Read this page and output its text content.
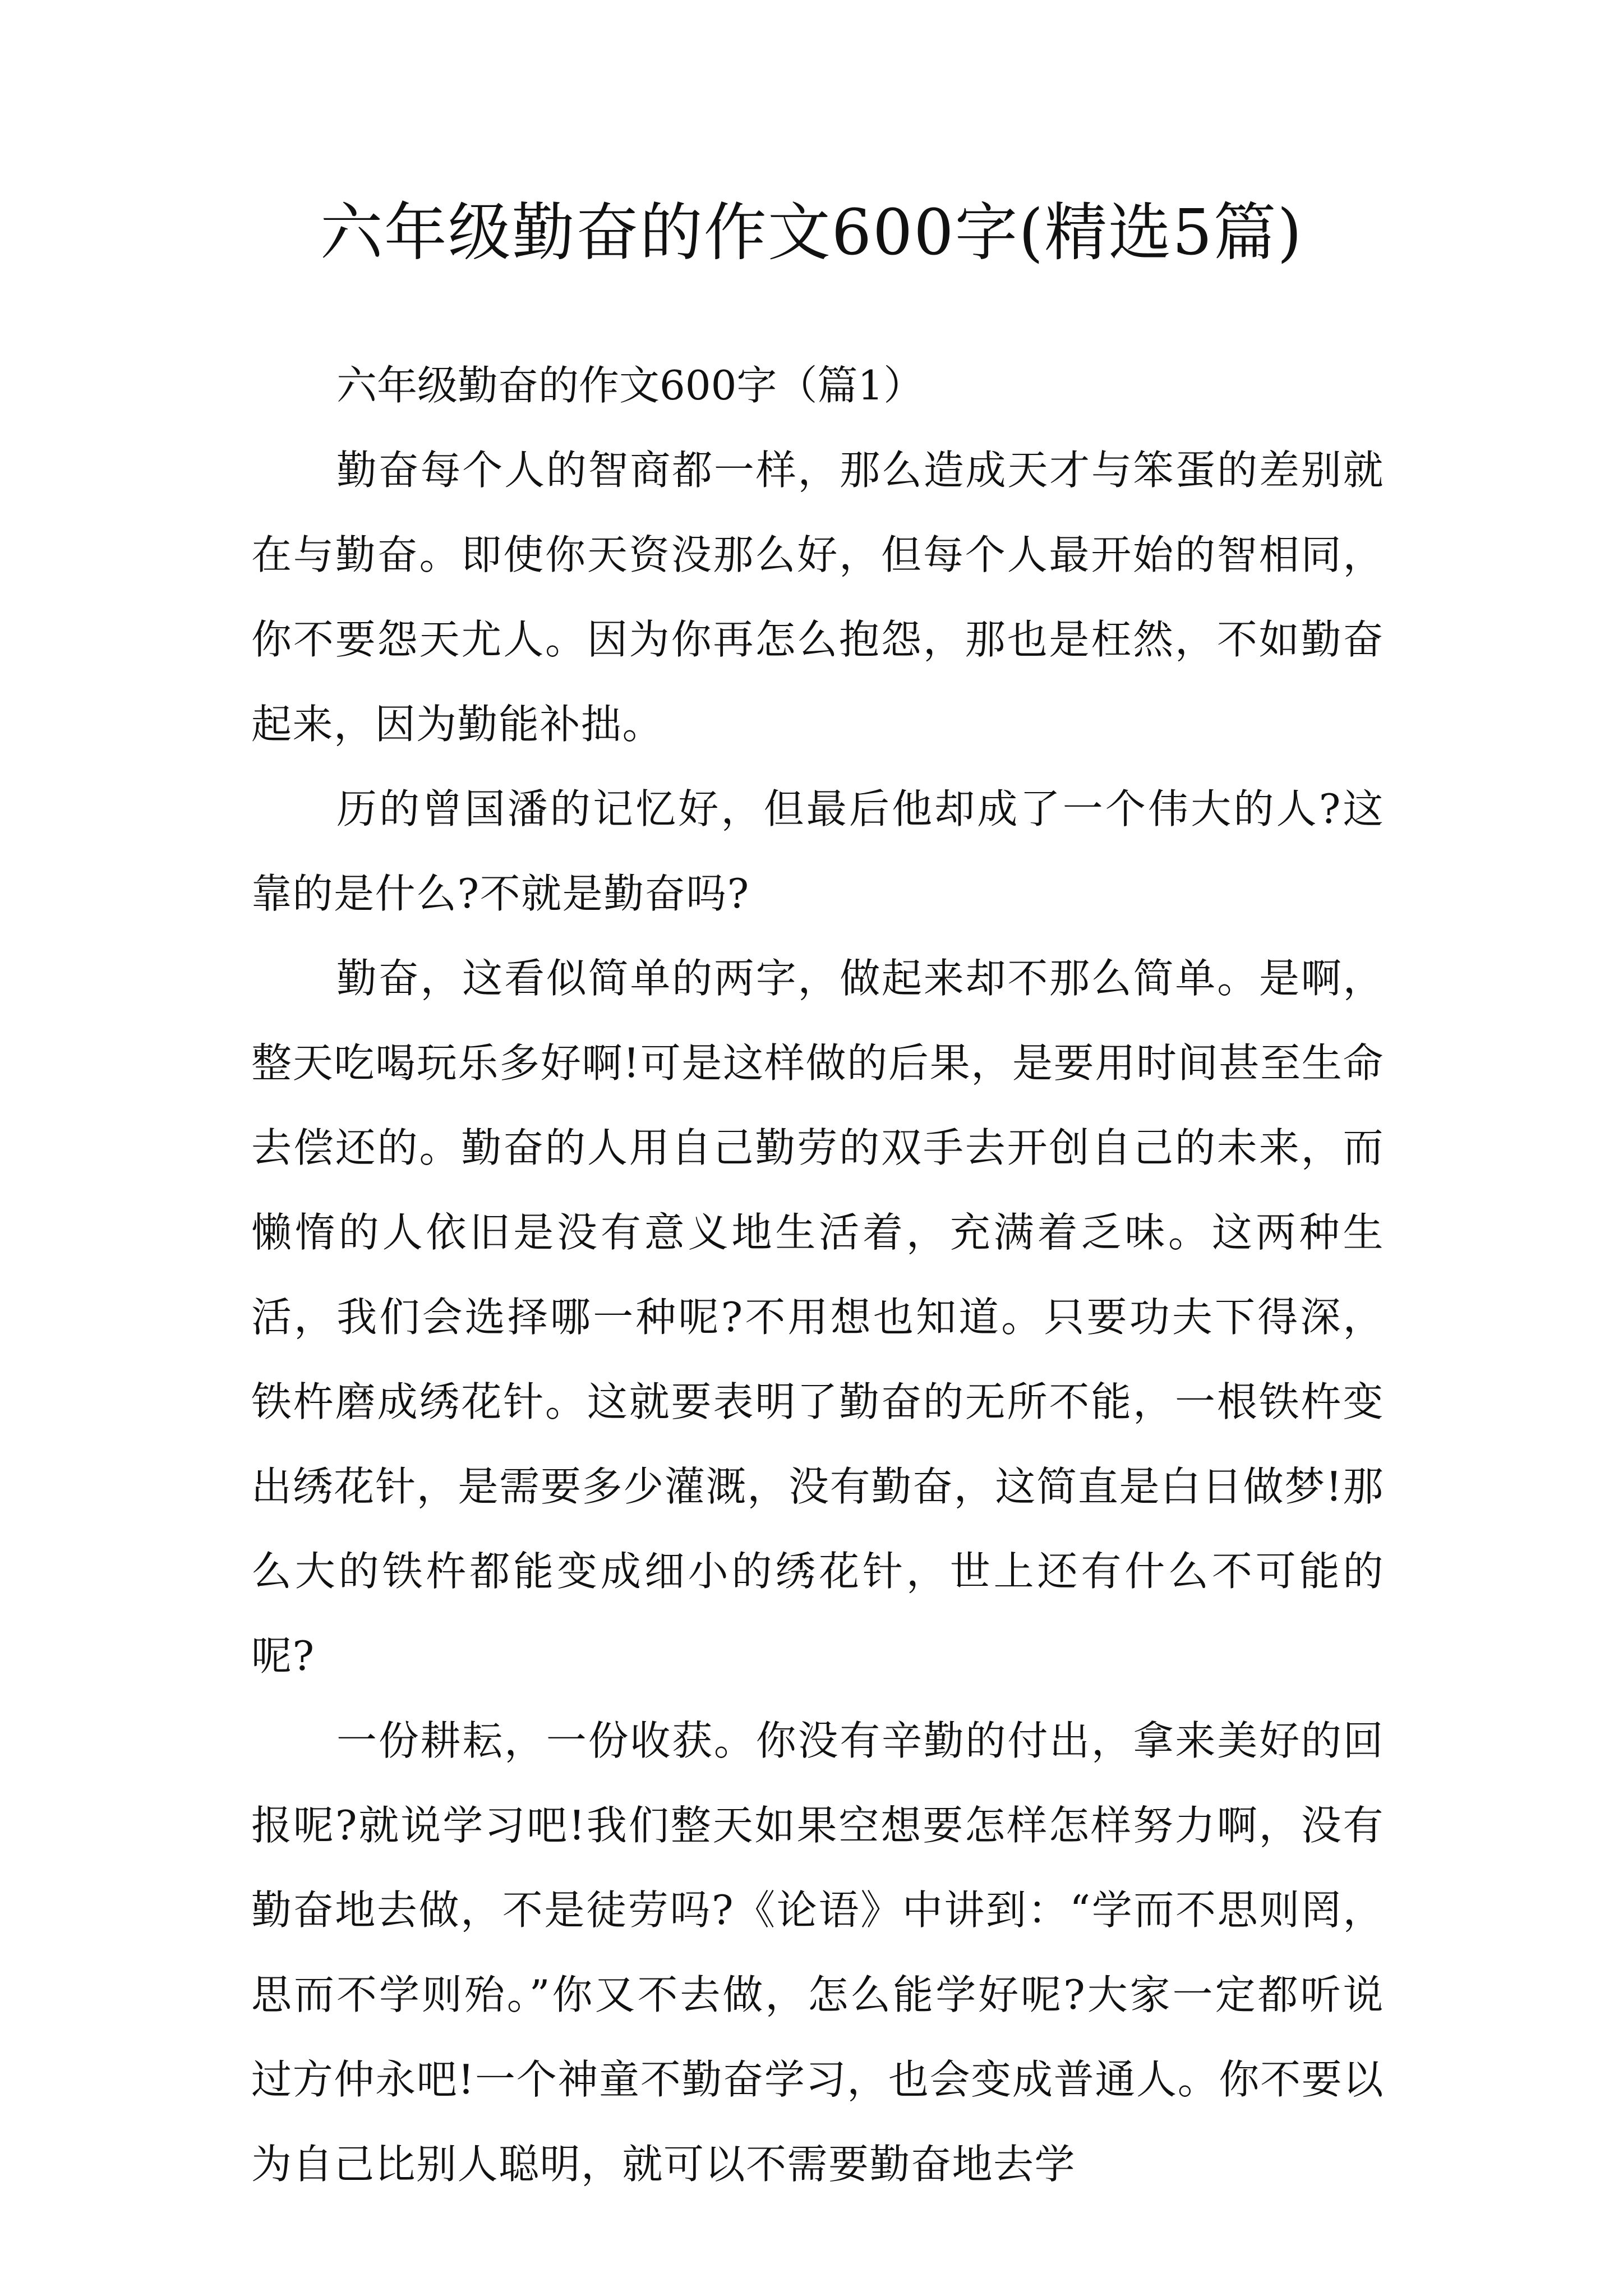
六年级勤奋的作文600字(精选5篇)

六年级勤奋的作文600字（篇1）

勤奋每个人的智商都一样，那么造成天才与笨蛋的差别就在与勤奋。即使你天资没那么好，但每个人最开始的智相同，你不要怨天尤人。因为你再怎么抱怨，那也是枉然，不如勤奋起来，因为勤能补拙。

历的曾国潘的记忆好，但最后他却成了一个伟大的人?这靠的是什么?不就是勤奋吗?

勤奋，这看似简单的两字，做起来却不那么简单。是啊，整天吃喝玩乐多好啊!可是这样做的后果，是要用时间甚至生命去偿还的。勤奋的人用自己勤劳的双手去开创自己的未来，而懒惰的人依旧是没有意义地生活着，充满着乏味。这两种生活，我们会选择哪一种呢?不用想也知道。只要功夫下得深，铁杵磨成绣花针。这就要表明了勤奋的无所不能，一根铁杵变出绣花针，是需要多少灌溉，没有勤奋，这简直是白日做梦!那么大的铁杵都能变成细小的绣花针，世上还有什么不可能的呢?

一份耕耘，一份收获。你没有辛勤的付出，拿来美好的回报呢?就说学习吧!我们整天如果空想要怎样怎样努力啊，没有勤奋地去做，不是徒劳吗?《论语》中讲到：“学而不思则罔，思而不学则殆。”你又不去做，怎么能学好呢?大家一定都听说过方仲永吧!一个神童不勤奋学习，也会变成普通人。你不要以为自己比别人聪明，就可以不需要勤奋地去学
